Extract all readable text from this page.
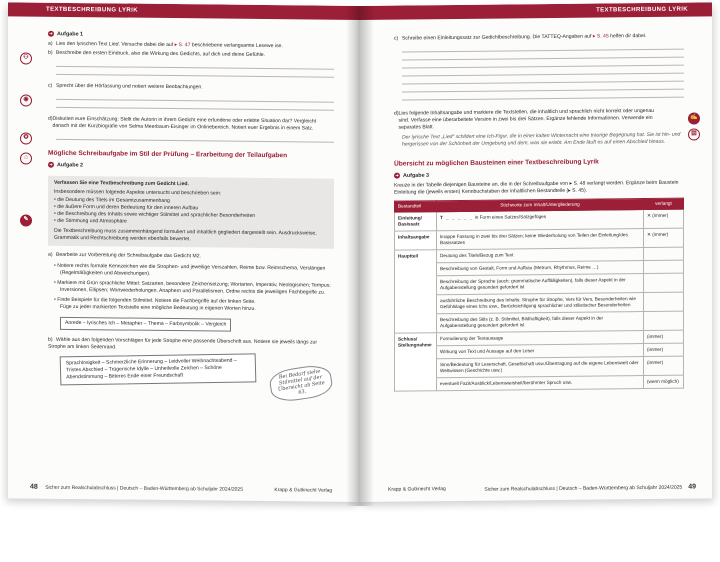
TEXTBESCHREIBUNG LYRIK
⚇
◉
✪
⌂
✎
➜ Aufgabe 1
a) Lies den lyrischen Text Lied. Versuche dabei die auf ▸ S. 47 beschriebene verlangsamte Lesewe ise.
b) Beschreibe den ersten Eindruck, also die Wirkung des Gedichts, auf dich und deine Gefühle.
c) Sprecht über die Hörfassung und notiert weitere Beobachtungen.
d) Diskutiert eure Einschätzung: Stellt die Autorin in ihrem Gedicht eine erfundene oder erlebte Situation dar? Vergleicht danach mit der Kurzbiografie von Selma Meerbaum-Eisinger im Onlinebereich. Notiert euer Ergebnis in einem Satz.
Mögliche Schreibaufgabe im Stil der Prüfung – Erarbeitung der Teilaufgaben
➜ Aufgabe 2
Verfassen Sie eine Textbeschreibung zum Gedicht Lied.
Insbesondere müssen folgende Aspekte untersucht und beschrieben sein:
• die Deutung des Titels im Gesamtzusammenhang
• die äußere Form und deren Bedeutung für den inneren Aufbau
• die Beschreibung des Inhalts sowie wichtiger Stilmittel und sprachlicher Besonderheiten
• die Stimmung und Atmosphäre
Die Textbeschreibung muss zusammenhängend formuliert und inhaltlich gegliedert dargestellt sein. Ausdrucksweise, Grammatik und Rechtschreibung werden ebenfalls bewertet.
a) Bearbeite zur Vorbereitung der Schreibaufgabe das Gedicht M2.
• Notiere rechts formale Kennzeichen wie die Strophen- und jeweilige Verszahlen, Reime bzw. Reimschema, Verslängen (Regelmäßigkeiten und Abweichungen).
• Markiere mit Grün sprachliche Mittel: Satzarten, besondere Zeichensetzung; Wortarten, Imperativ, Neologismen; Tempus; Inversionen, Ellipsen; Wortwiederholungen, Anaphern und Parallelismen. Ordne rechts die jeweiligen Fachbegriffe zu.
• Finde Beispiele für die folgenden Stilmittel. Notiere die Fachbegriffe auf der linken Seite. Füge zu jeder markierten Textstelle eine mögliche Bedeutung in eigenen Worten hinzu.
Anrede – lyrisches Ich – Metapher – Thema – Farbsymbolik – Vergleich
b) Wähle aus den folgenden Vorschlägen für jede Strophe eine passende Überschrift aus. Notiere sie jeweils längs zur Strophe am linken Seitenrand.
Sprachlosigkeit – Schmerzliche Erinnerung – Leidvoller Weihnachtsabend – Tristes Abschied – Trügerische Idylle – Unheilvolle Zeichen – Schöne Abendstimmung – Bitteres Ende einer Freundschaft	Bei Bedarf siehe Stilmittel auf der Übersicht ab Seite 63.
48 Sicher zum Realschulabschluss | Deutsch – Baden-Württemberg ab Schuljahr 2024/2025	Krapp & Gutknecht Verlag
TEXTBESCHREIBUNG LYRIK
✍
▤
c) Schreibe einen Einleitungssatz zur Gedichtbeschreibung. Die TATTEQ-Angaben auf ▸ S. 45 helfen dir dabei.
d) Lies folgende Inhaltsangabe und markiere die Textstellen, die inhaltlich und sprachlich nicht korrekt oder ungenau sind. Verfasse eine überarbeitete Version in zwei bis drei Sätzen. Ergänze fehlende Informationen. Verwende ein separates Blatt.
Der lyrische Text „Lied“ schildert eine Ich-Figur, die in einer kalten Winternacht eine traurige Begegnung hat. Sie ist hin- und hergerissen von der Schönheit der Umgebung und dem, was sie erlebt. Am Ende läuft es auf einen Abschied hinaus.
Übersicht zu möglichen Bausteinen einer Textbeschreibung Lyrik
➜ Aufgabe 3
Kreuze in der Tabelle diejenigen Bausteine an, die in der Schreibaufgabe von ▸ S. 48 verlangt werden. Ergänze beim Baustein Einleitung die (jeweils ersten) Kennbuchstaben der inhaltlichen Bestandteile (▸ S. 45).
Bestandteil	Stichworte zum Inhalt/Untergliederung	verlangt
Einleitung/ Basissatz	T _ _ _ _ _ in Form eines Satzes/Satzgefüges	✕ (immer)
Inhaltsangabe	knappe Fassung in zwei bis drei Sätzen; keine Wiederholung von Teilen der Einleitung/des Basissatzes	✕ (immer)
Hauptteil	Deutung des Titels/Bezug zum Text	
	Beschreibung von Gestalt, Form und Aufbau (Metrum, Rhythmus, Reime …)	
	Beschreibung der Sprache (auch: grammatische Auffälligkeiten), falls dieser Aspekt in der Aufgabenstellung gesondert gefordert ist	
	ausführliche Beschreibung des Inhalts: Strophe für Strophe, Vers für Vers, Besonderheiten wie Gefühlslage eines Ichs usw., Berücksichtigung sprachlicher und stilistischer Besonderheiten	
	Beschreibung des Stils (z. B. Stilmittel, Bildhaftigkeit), falls dieser Aspekt in der Aufgabenstellung gesondert gefordert ist	
Schluss/ Stellungnahme	Formulierung der Textaussage	(immer)
	Wirkung von Text und Aussage auf den Leser	(immer)
	Sinn/Bedeutung für Leserschaft, Gesellschaft usw./Übertragung auf die eigene Lebenswelt oder Weltwissen (Geschichte usw.)	(immer)
	eventuell Fazit/Ausblick/Lebensweisheit/berühmter Spruch usw.	(wenn möglich)
Krapp & Gutknecht Verlag	Sicher zum Realschulabschluss | Deutsch – Baden-Württemberg ab Schuljahr 2024/2025 49
